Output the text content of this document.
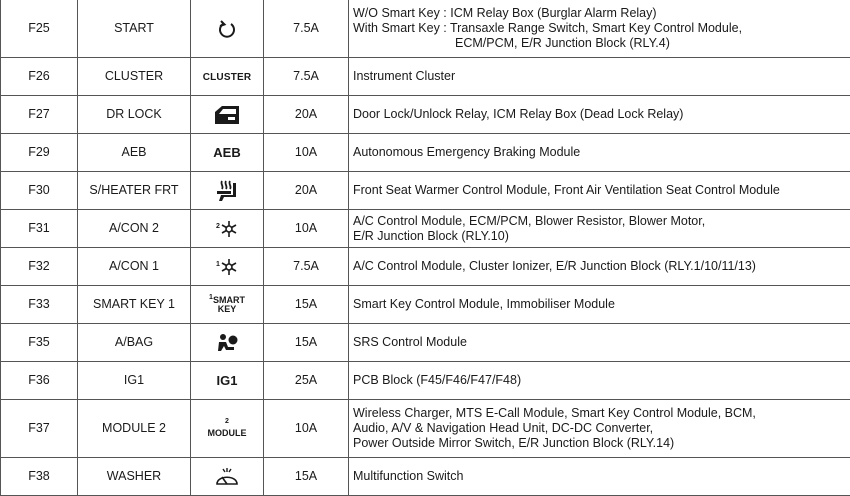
F25	START		7.5A	W/O Smart Key : ICM Relay Box (Burglar Alarm Relay)
With Smart Key : Transaxle Range Switch, Smart Key Control Module,
ECM/PCM, E/R Junction Block (RLY.4)

F26	CLUSTER	CLUSTER	7.5A	Instrument Cluster

F27	DR LOCK		20A	Door Lock/Unlock Relay, ICM Relay Box (Dead Lock Relay)

F29	AEB	AEB	10A	Autonomous Emergency Braking Module

F30	S/HEATER FRT		20A	Front Seat Warmer Control Module, Front Air Ventilation Seat Control Module

F31	A/CON 2	$^2$	10A	A/C Control Module, ECM/PCM, Blower Resistor, Blower Motor,
E/R Junction Block (RLY.10)

F32	A/CON 1	$^1$	7.5A	A/C Control Module, Cluster Ionizer, E/R Junction Block (RLY.1/10/11/13)

F33	SMART KEY 1	$^1$SMART
KEY	15A	Smart Key Control Module, Immobiliser Module

F35	A/BAG		15A	SRS Control Module

F36	IG1	IG1	25A	PCB Block (F45/F46/F47/F48)

F37	MODULE 2	$^2$
MODULE	10A	Wireless Charger, MTS E-Call Module, Smart Key Control Module, BCM,
Audio, A/V & Navigation Head Unit, DC-DC Converter,
Power Outside Mirror Switch, E/R Junction Block (RLY.14)

F38	WASHER		15A	Multifunction Switch
